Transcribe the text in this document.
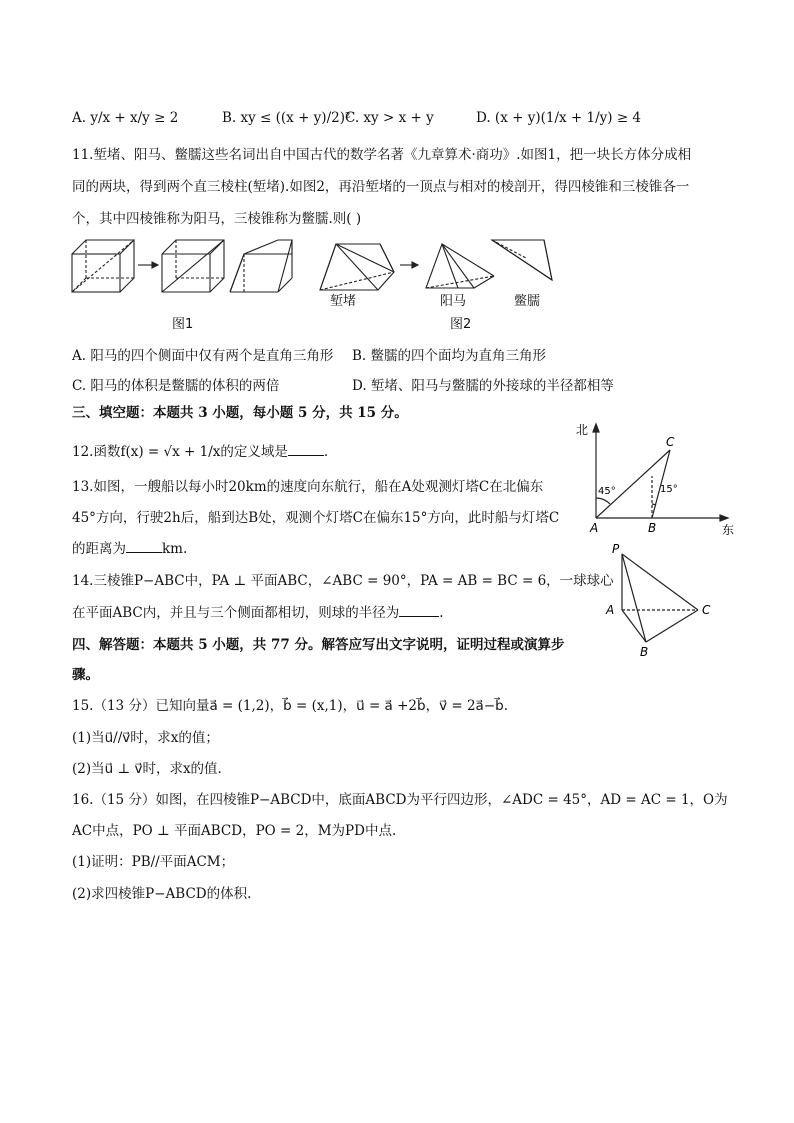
A. y/x + x/y ≥ 2	B. xy ≤ ((x + y)/2)²
C. xy > x + y	D. (x + y)(1/x + 1/y) ≥ 4
11.堑堵、阳马、鳖臑这些名词出自中国古代的数学名著《九章算术·商功》.如图1，把一块长方体分成相
同的两块，得到两个直三棱柱(堑堵).如图2，再沿堑堵的一顶点与相对的棱剖开，得四棱锥和三棱锥各一
个，其中四棱锥称为阳马，三棱锥称为鳖臑.则( )
堑堵	阳马	鳖臑
图1	图2
A. 阳马的四个侧面中仅有两个是直角三角形 B. 鳖臑的四个面均为直角三角形
C. 阳马的体积是鳖臑的体积的两倍	D. 堑堵、阳马与鳖臑的外接球的半径都相等
三、填空题：本题共 3 小题，每小题 5 分，共 15 分。
12.函数f(x) = √x + 1/x的定义域是	.
13.如图，一艘船以每小时20km的速度向东航行，船在A处观测灯塔C在北偏东
45°方向，行驶2h后，船到达B处，观测个灯塔C在偏东15°方向，此时船与灯塔C
的距离为	km.
北
东
A	B
C
45°	15°
14.三棱锥P−ABC中，PA ⊥ 平面ABC，∠ABC = 90°，PA = AB = BC = 6，一球球心
在平面ABC内，并且与三个侧面都相切，则球的半径为	.
P
A
B
C
四、解答题：本题共 5 小题，共 77 分。解答应写出文字说明，证明过程或演算步
骤。
15.（13 分）已知向量a⃗ = (1,2)，b⃗ = (x,1)，u⃗ = a⃗ +2b⃗，v⃗ = 2a⃗−b⃗.
(1)当u⃗//v⃗时，求x的值；
(2)当u⃗ ⊥ v⃗时，求x的值.
16.（15 分）如图，在四棱锥P−ABCD中，底面ABCD为平行四边形，∠ADC = 45°，AD = AC = 1，O为
AC中点，PO ⊥ 平面ABCD，PO = 2，M为PD中点.
(1)证明：PB//平面ACM；
(2)求四棱锥P−ABCD的体积.
